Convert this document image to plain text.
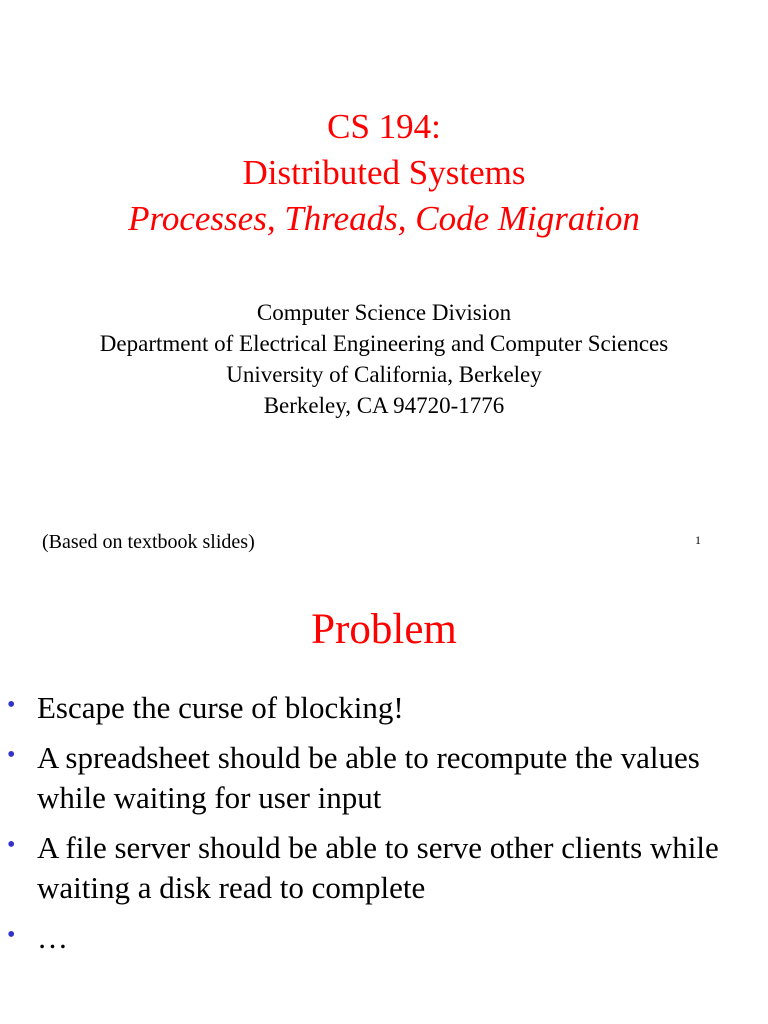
CS 194:
Distributed Systems
Processes, Threads, Code Migration
Computer Science Division
Department of Electrical Engineering and Computer Sciences
University of California, Berkeley
Berkeley, CA 94720-1776
(Based on textbook slides)	1
Problem
• Escape the curse of blocking!
• A spreadsheet should be able to recompute the values while waiting for user input
• A file server should be able to serve other clients while waiting a disk read to complete
• …
